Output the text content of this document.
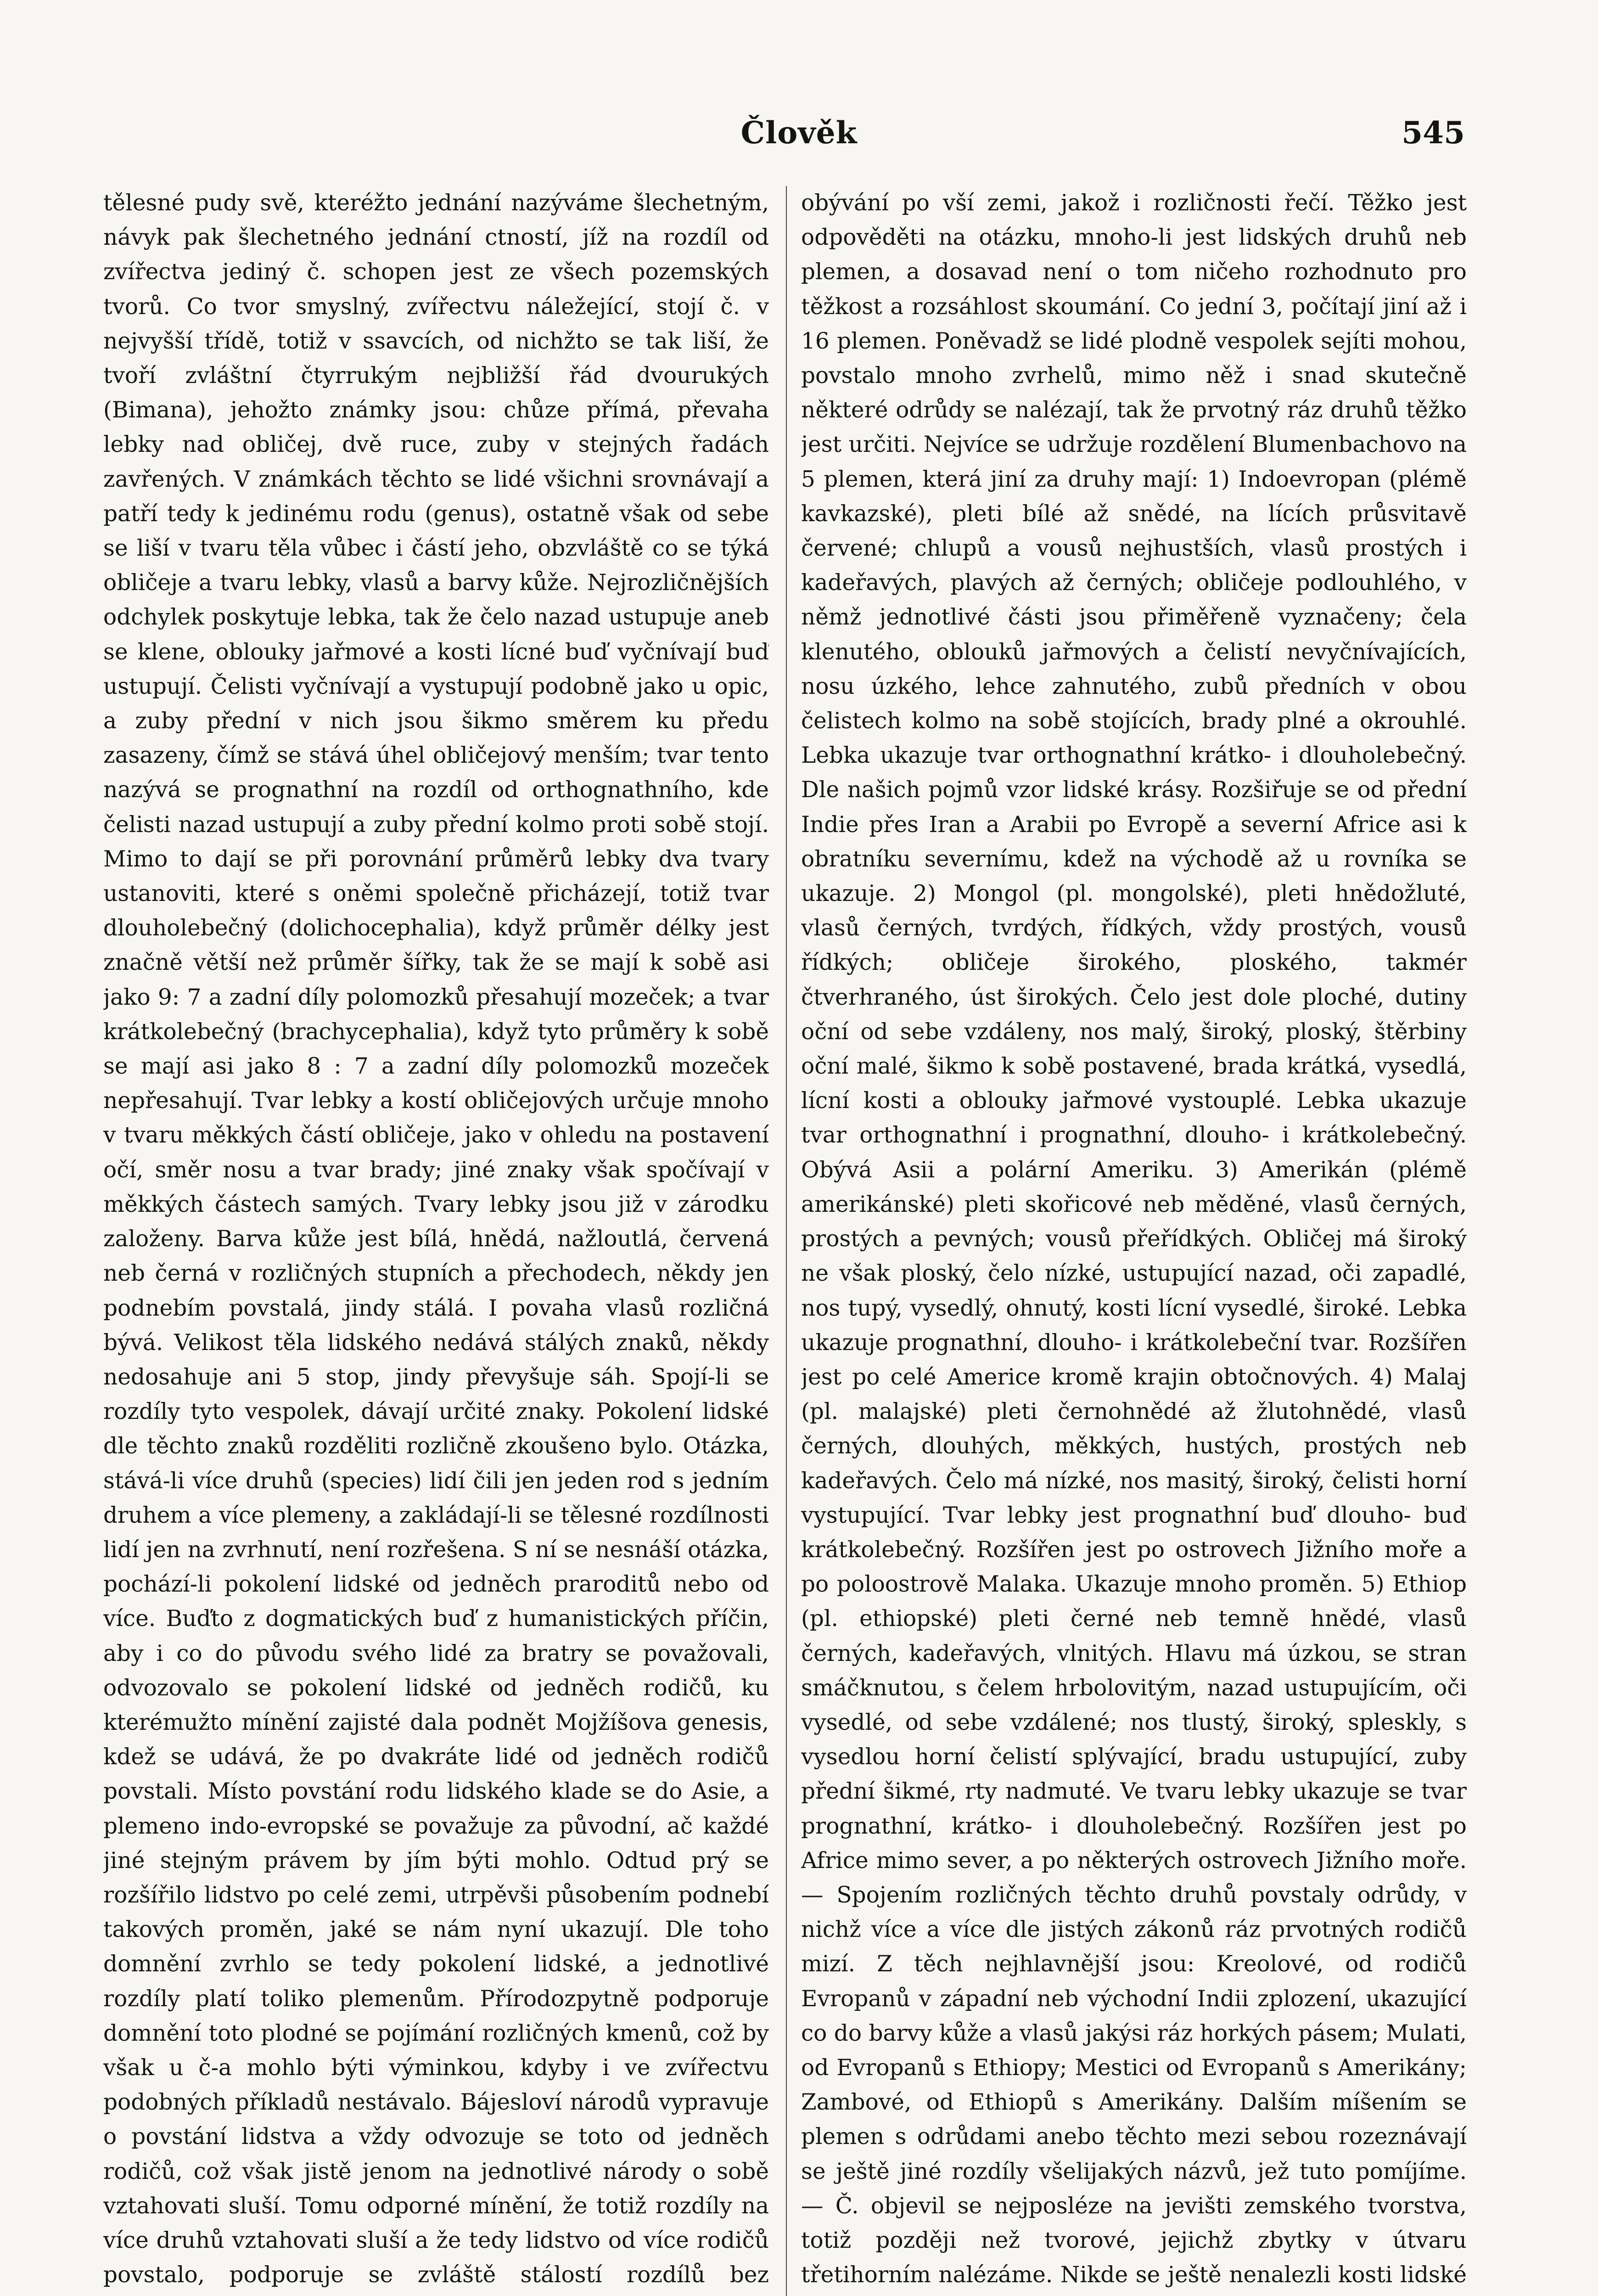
Člověk	545

tělesné pudy svě, kteréžto jednání nazýváme šlechetným, návyk pak šlechetného jednání ctností, jíž na rozdíl od zvířectva jediný č. schopen jest ze všech pozemských tvorů. Co tvor smyslný, zvířectvu náležející, stojí č. v nejvyšší třídě, totiž v ssavcích, od nichžto se tak liší, že tvoří zvláštní čtyrrukým nejbližší řád dvourukých (Bimana), jehožto známky jsou: chůze přímá, převaha lebky nad obličej, dvě ruce, zuby v stejných řadách zavřených. V známkách těchto se lidé všichni srovnávají a patří tedy k jedinému rodu (genus), ostatně však od sebe se liší v tvaru těla vůbec i částí jeho, obzvláště co se týká obličeje a tvaru lebky, vlasů a barvy kůže. Nejrozličnějších odchylek poskytuje lebka, tak že čelo nazad ustupuje aneb se klene, oblouky jařmové a kosti lícné buď vyčnívají buď ustupují. Čelisti vyčnívají a vystupují podobně jako u opic, a zuby přední v nich jsou šikmo směrem ku předu zasazeny, čímž se stává úhel obličejový menším; tvar tento nazývá se prognathní na rozdíl od orthognathního, kde čelisti nazad ustupují a zuby přední kolmo proti sobě stojí. Mimo to dají se při porovnání průměrů lebky dva tvary ustanoviti, které s oněmi společně přicházejí, totiž tvar dlouholebečný (dolichocephalia), když průměr délky jest značně větší než průměr šířky, tak že se mají k sobě asi jako 9: 7 a zadní díly polomozků přesahují mozeček; a tvar krátkolebečný (brachycephalia), když tyto průměry k sobě se mají asi jako 8 : 7 a zadní díly polomozků mozeček nepřesahují. Tvar lebky a kostí obličejových určuje mnoho v tvaru měkkých částí obličeje, jako v ohledu na postavení očí, směr nosu a tvar brady; jiné znaky však spočívají v měkkých částech samých. Tvary lebky jsou již v zárodku založeny. Barva kůže jest bílá, hnědá, nažloutlá, červená neb černá v rozličných stupních a přechodech, někdy jen podnebím povstalá, jindy stálá. I povaha vlasů rozličná bývá. Velikost těla lidského nedává stálých znaků, někdy nedosahuje ani 5 stop, jindy převyšuje sáh. Spojí-li se rozdíly tyto vespolek, dávají určité znaky. Pokolení lidské dle těchto znaků rozděliti rozličně zkoušeno bylo. Otázka, stává-li více druhů (species) lidí čili jen jeden rod s jedním druhem a více plemeny, a zakládají-li se tělesné rozdílnosti lidí jen na zvrhnutí, není rozřešena. S ní se nesnáší otázka, pochází-li pokolení lidské od jedněch praroditů nebo od více. Buďto z dogmatických buď z humanistických příčin, aby i co do původu svého lidé za bratry se považovali, odvozovalo se pokolení lidské od jedněch rodičů, ku kterémužto mínění zajisté dala podnět Mojžíšova genesis, kdež se udává, že po dvakráte lidé od jedněch rodičů povstali. Místo povstání rodu lidského klade se do Asie, a plemeno indo-evropské se považuje za původní, ač každé jiné stejným právem by jím býti mohlo. Odtud prý se rozšířilo lidstvo po celé zemi, utrpěvši působením podnebí takových proměn, jaké se nám nyní ukazují. Dle toho domnění zvrhlo se tedy pokolení lidské, a jednotlivé rozdíly platí toliko plemenům. Přírodozpytně podporuje domnění toto plodné se pojímání rozličných kmenů, což by však u č-a mohlo býti výminkou, kdyby i ve zvířectvu podobných příkladů nestávalo. Bájesloví národů vypravuje o povstání lidstva a vždy odvozuje se toto od jedněch rodičů, což však jistě jenom na jednotlivé národy o sobě vztahovati sluší. Tomu odporné mínění, že totiž rozdíly na více druhů vztahovati sluší a že tedy lidstvo od více rodičů povstalo, podporuje se zvláště stálostí rozdílů bez

obývání po vší zemi, jakož i rozličnosti řečí. Těžko jest odpověděti na otázku, mnoho-li jest lidských druhů neb plemen, a dosavad není o tom ničeho rozhodnuto pro těžkost a rozsáhlost skoumání. Co jední 3, počítají jiní až i 16 plemen. Poněvadž se lidé plodně vespolek sejíti mohou, povstalo mnoho zvrhelů, mimo něž i snad skutečně některé odrůdy se nalézají, tak že prvotný ráz druhů těžko jest určiti. Nejvíce se udržuje rozdělení Blumenbachovo na 5 plemen, která jiní za druhy mají: 1) Indoevropan (plémě kavkazské), pleti bílé až snědé, na lících průsvitavě červené; chlupů a vousů nejhustších, vlasů prostých i kadeřavých, plavých až černých; obličeje podlouhlého, v němž jednotlivé části jsou přiměřeně vyznačeny; čela klenutého, oblouků jařmových a čelistí nevyčnívajících, nosu úzkého, lehce zahnutého, zubů předních v obou čelistech kolmo na sobě stojících, brady plné a okrouhlé. Lebka ukazuje tvar orthognathní krátko- i dlouholebečný. Dle našich pojmů vzor lidské krásy. Rozšiřuje se od přední Indie přes Iran a Arabii po Evropě a severní Africe asi k obratníku severnímu, kdež na východě až u rovníka se ukazuje. 2) Mongol (pl. mongolské), pleti hnědožluté, vlasů černých, tvrdých, řídkých, vždy prostých, vousů řídkých; obličeje širokého, ploského, takmér čtverhraného, úst širokých. Čelo jest dole ploché, dutiny oční od sebe vzdáleny, nos malý, široký, ploský, štěrbiny oční malé, šikmo k sobě postavené, brada krátká, vysedlá, lícní kosti a oblouky jařmové vystouplé. Lebka ukazuje tvar orthognathní i prognathní, dlouho- i krátkolebečný. Obývá Asii a polární Ameriku. 3) Amerikán (plémě amerikánské) pleti skořicové neb měděné, vlasů černých, prostých a pevných; vousů přeřídkých. Obličej má široký ne však ploský, čelo nízké, ustupující nazad, oči zapadlé, nos tupý, vysedlý, ohnutý, kosti lícní vysedlé, široké. Lebka ukazuje prognathní, dlouho- i krátkolebeční tvar. Rozšířen jest po celé Americe kromě krajin obtočnových. 4) Malaj (pl. malajské) pleti černohnědé až žlutohnědé, vlasů černých, dlouhých, měkkých, hustých, prostých neb kadeřavých. Čelo má nízké, nos masitý, široký, čelisti horní vystupující. Tvar lebky jest prognathní buď dlouho- buď krátkolebečný. Rozšířen jest po ostrovech Jižního moře a po poloostrově Malaka. Ukazuje mnoho proměn. 5) Ethiop (pl. ethiopské) pleti černé neb temně hnědé, vlasů černých, kadeřavých, vlnitých. Hlavu má úzkou, se stran smáčknutou, s čelem hrbolovitým, nazad ustupujícím, oči vysedlé, od sebe vzdálené; nos tlustý, široký, spleskly, s vysedlou horní čelistí splývající, bradu ustupující, zuby přední šikmé, rty nadmuté. Ve tvaru lebky ukazuje se tvar prognathní, krátko- i dlouholebečný. Rozšířen jest po Africe mimo sever, a po některých ostrovech Jižního moře. — Spojením rozličných těchto druhů povstaly odrůdy, v nichž více a více dle jistých zákonů ráz prvotných rodičů mizí. Z těch nejhlavnější jsou: Kreolové, od rodičů Evropanů v západní neb východní Indii zplození, ukazující co do barvy kůže a vlasů jakýsi ráz horkých pásem; Mulati, od Evropanů s Ethiopy; Mestici od Evropanů s Amerikány; Zambové, od Ethiopů s Amerikány. Dalším míšením se plemen s odrůdami anebo těchto mezi sebou rozeznávají se ještě jiné rozdíly všelijakých názvů, jež tuto pomíjíme. — Č. objevil se nejposléze na jevišti zemského tvorstva, totiž později než tvorové, jejichž zbytky v útvaru třetihorním nalézáme. Nikde se ještě nenalezli kosti lidské
